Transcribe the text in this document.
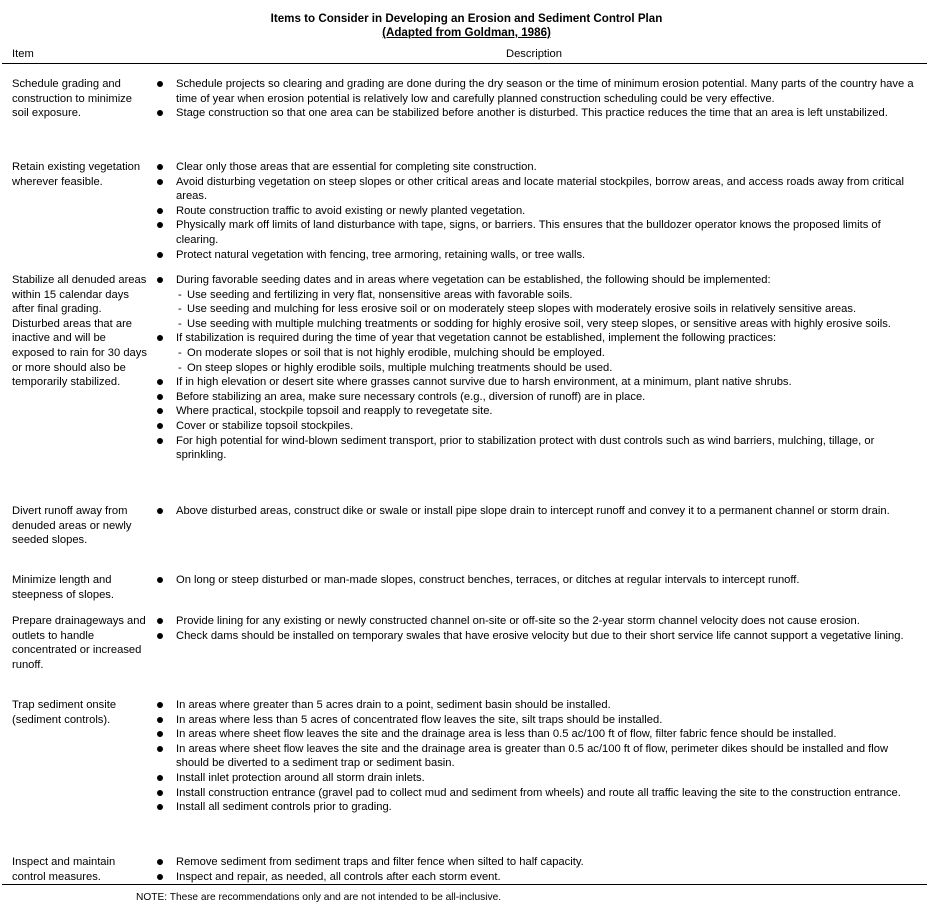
Items to Consider in Developing an Erosion and Sediment Control Plan
(Adapted from Goldman, 1986)
Item	Description
Schedule grading and construction to minimize soil exposure.
Schedule projects so clearing and grading are done during the dry season or the time of minimum erosion potential. Many parts of the country have a time of year when erosion potential is relatively low and carefully planned construction scheduling could be very effective.
Stage construction so that one area can be stabilized before another is disturbed. This practice reduces the time that an area is left unstabilized.
Retain existing vegetation wherever feasible.
Clear only those areas that are essential for completing site construction.
Avoid disturbing vegetation on steep slopes or other critical areas and locate material stockpiles, borrow areas, and access roads away from critical areas.
Route construction traffic to avoid existing or newly planted vegetation.
Physically mark off limits of land disturbance with tape, signs, or barriers. This ensures that the bulldozer operator knows the proposed limits of clearing.
Protect natural vegetation with fencing, tree armoring, retaining walls, or tree walls.
Stabilize all denuded areas within 15 calendar days after final grading.
Disturbed areas that are inactive and will be exposed to rain for 30 days or more should also be temporarily stabilized.
During favorable seeding dates and in areas where vegetation can be established, the following should be implemented:
- Use seeding and fertilizing in very flat, nonsensitive areas with favorable soils.
- Use seeding and mulching for less erosive soil or on moderately steep slopes with moderately erosive soils in relatively sensitive areas.
- Use seeding with multiple mulching treatments or sodding for highly erosive soil, very steep slopes, or sensitive areas with highly erosive soils.
If stabilization is required during the time of year that vegetation cannot be established, implement the following practices:
- On moderate slopes or soil that is not highly erodible, mulching should be employed.
- On steep slopes or highly erodible soils, multiple mulching treatments should be used.
If in high elevation or desert site where grasses cannot survive due to harsh environment, at a minimum, plant native shrubs.
Before stabilizing an area, make sure necessary controls (e.g., diversion of runoff) are in place.
Where practical, stockpile topsoil and reapply to revegetate site.
Cover or stabilize topsoil stockpiles.
For high potential for wind-blown sediment transport, prior to stabilization protect with dust controls such as wind barriers, mulching, tillage, or sprinkling.
Divert runoff away from denuded areas or newly seeded slopes.
Above disturbed areas, construct dike or swale or install pipe slope drain to intercept runoff and convey it to a permanent channel or storm drain.
Minimize length and steepness of slopes.
On long or steep disturbed or man-made slopes, construct benches, terraces, or ditches at regular intervals to intercept runoff.
Prepare drainageways and outlets to handle concentrated or increased runoff.
Provide lining for any existing or newly constructed channel on-site or off-site so the 2-year storm channel velocity does not cause erosion.
Check dams should be installed on temporary swales that have erosive velocity but due to their short service life cannot support a vegetative lining.
Trap sediment onsite (sediment controls).
In areas where greater than 5 acres drain to a point, sediment basin should be installed.
In areas where less than 5 acres of concentrated flow leaves the site, silt traps should be installed.
In areas where sheet flow leaves the site and the drainage area is less than 0.5 ac/100 ft of flow, filter fabric fence should be installed.
In areas where sheet flow leaves the site and the drainage area is greater than 0.5 ac/100 ft of flow, perimeter dikes should be installed and flow should be diverted to a sediment trap or sediment basin.
Install inlet protection around all storm drain inlets.
Install construction entrance (gravel pad to collect mud and sediment from wheels) and route all traffic leaving the site to the construction entrance.
Install all sediment controls prior to grading.
Inspect and maintain control measures.
Remove sediment from sediment traps and filter fence when silted to half capacity.
Inspect and repair, as needed, all controls after each storm event.
NOTE: These are recommendations only and are not intended to be all-inclusive.
